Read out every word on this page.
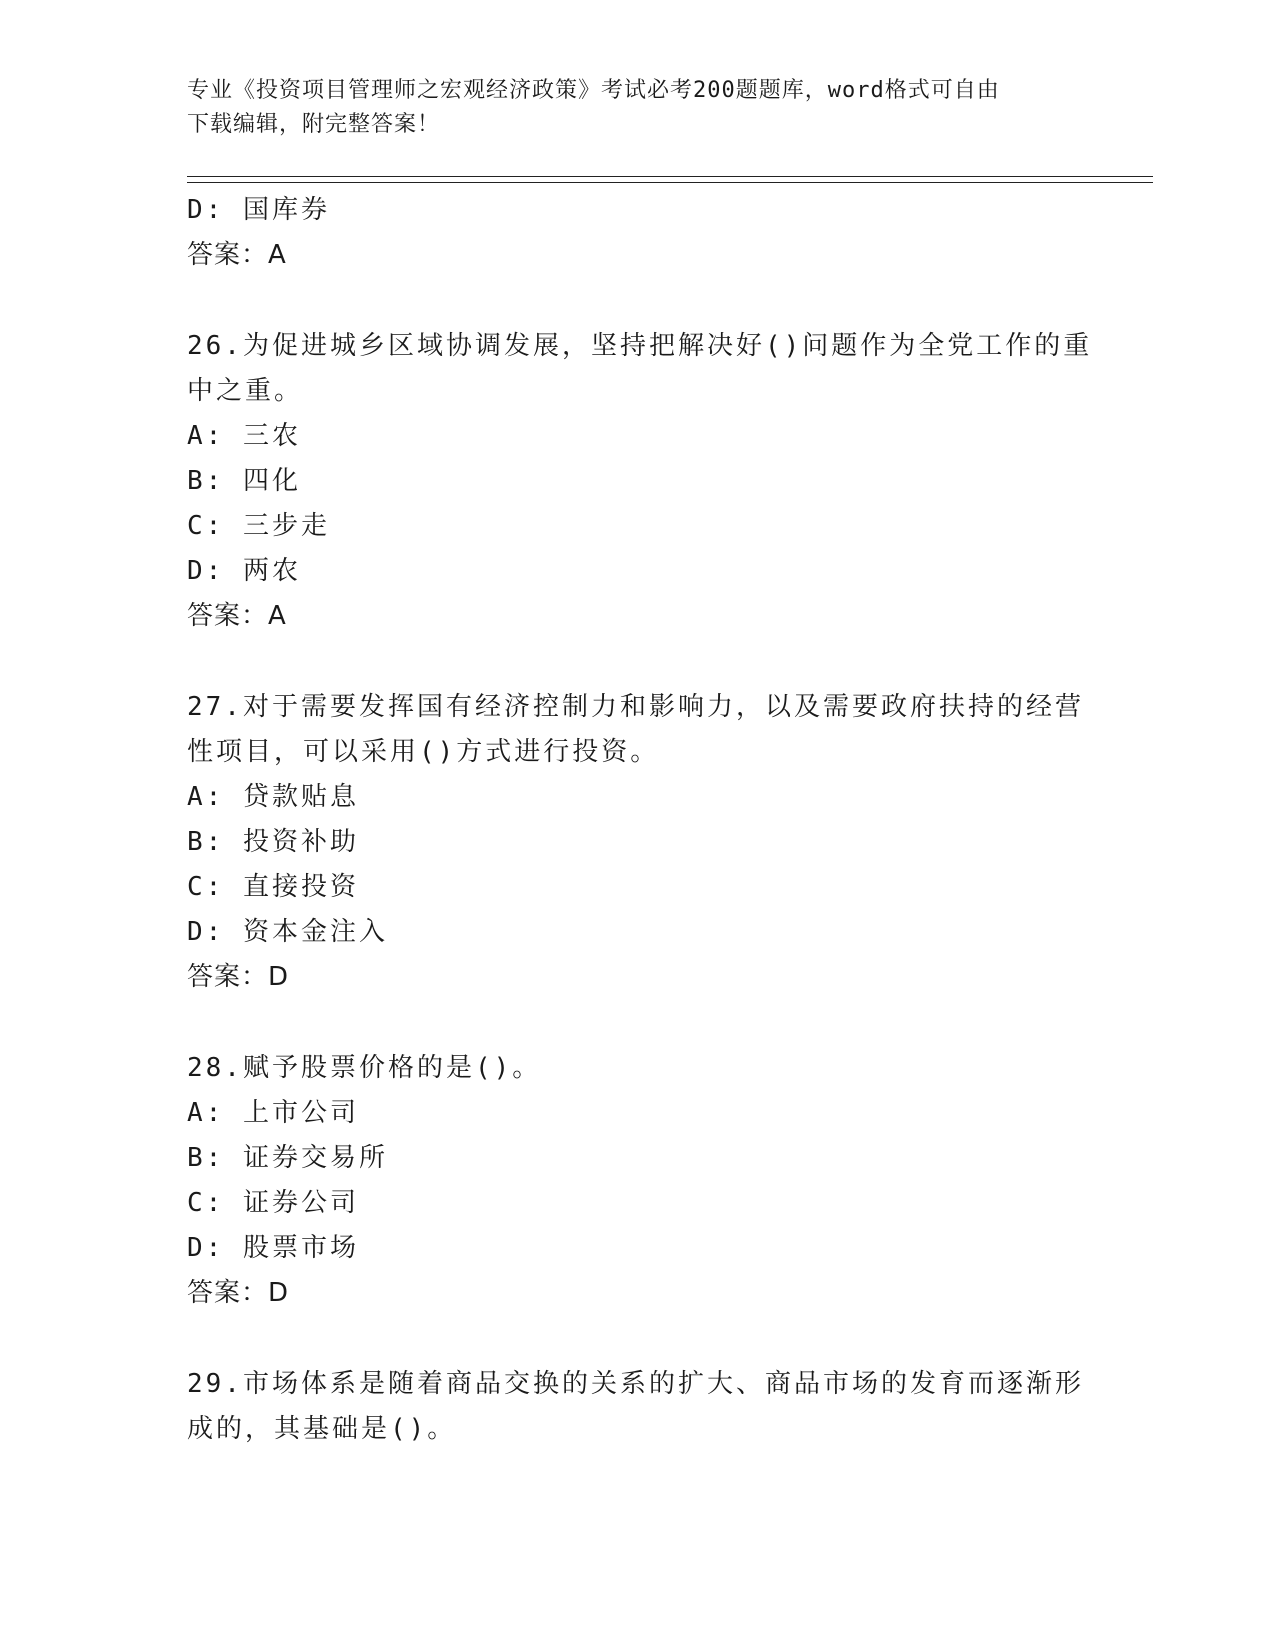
专业《投资项目管理师之宏观经济政策》考试必考200题题库，word格式可自由
下载编辑，附完整答案！
D: 国库券
答案：A
26.为促进城乡区域协调发展，坚持把解决好()问题作为全党工作的重
中之重。
A: 三农
B: 四化
C: 三步走
D: 两农
答案：A
27.对于需要发挥国有经济控制力和影响力，以及需要政府扶持的经营
性项目，可以采用()方式进行投资。
A: 贷款贴息
B: 投资补助
C: 直接投资
D: 资本金注入
答案：D
28.赋予股票价格的是()。
A: 上市公司
B: 证券交易所
C: 证券公司
D: 股票市场
答案：D
29.市场体系是随着商品交换的关系的扩大、商品市场的发育而逐渐形
成的，其基础是()。
